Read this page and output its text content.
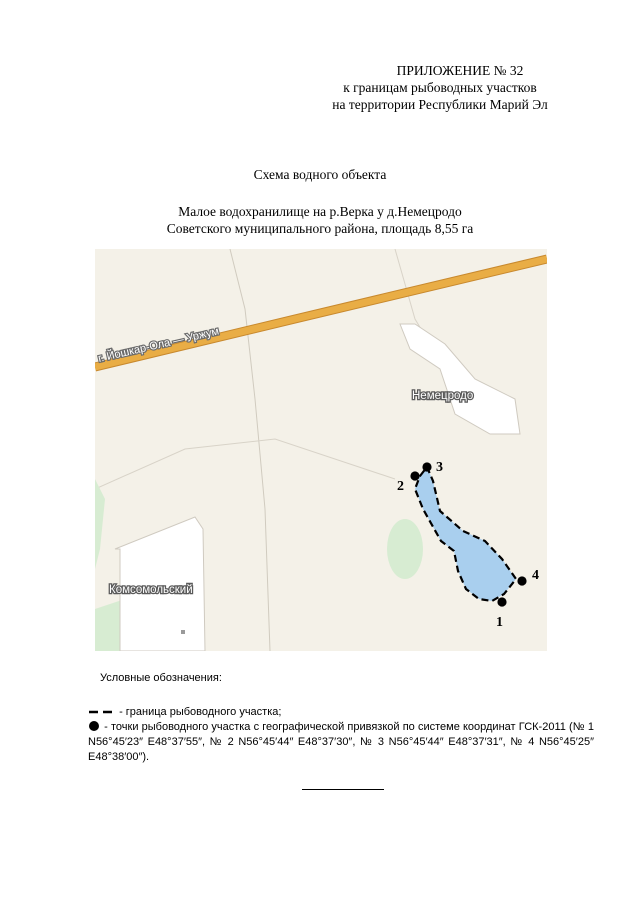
ПРИЛОЖЕНИЕ № 32
к границам рыбоводных участков
на территории Республики Марий Эл
Схема водного объекта
Малое водохранилище на р.Верка у д.Немецродо
Советского муниципального района, площадь 8,55 га
г. Йошкар-Ола — Уржум
Немецродо
Комсомольский
1
2
3
4
Условные обозначения:
- граница рыбоводного участка;
- точки рыбоводного участка с географической привязкой по системе координат ГСК-2011 (№ 1 N56°45′23″ E48°37′55″, № 2 N56°45′44″ E48°37′30″, № 3 N56°45′44″ E48°37′31″, № 4 N56°45′25″ E48°38′00″).
